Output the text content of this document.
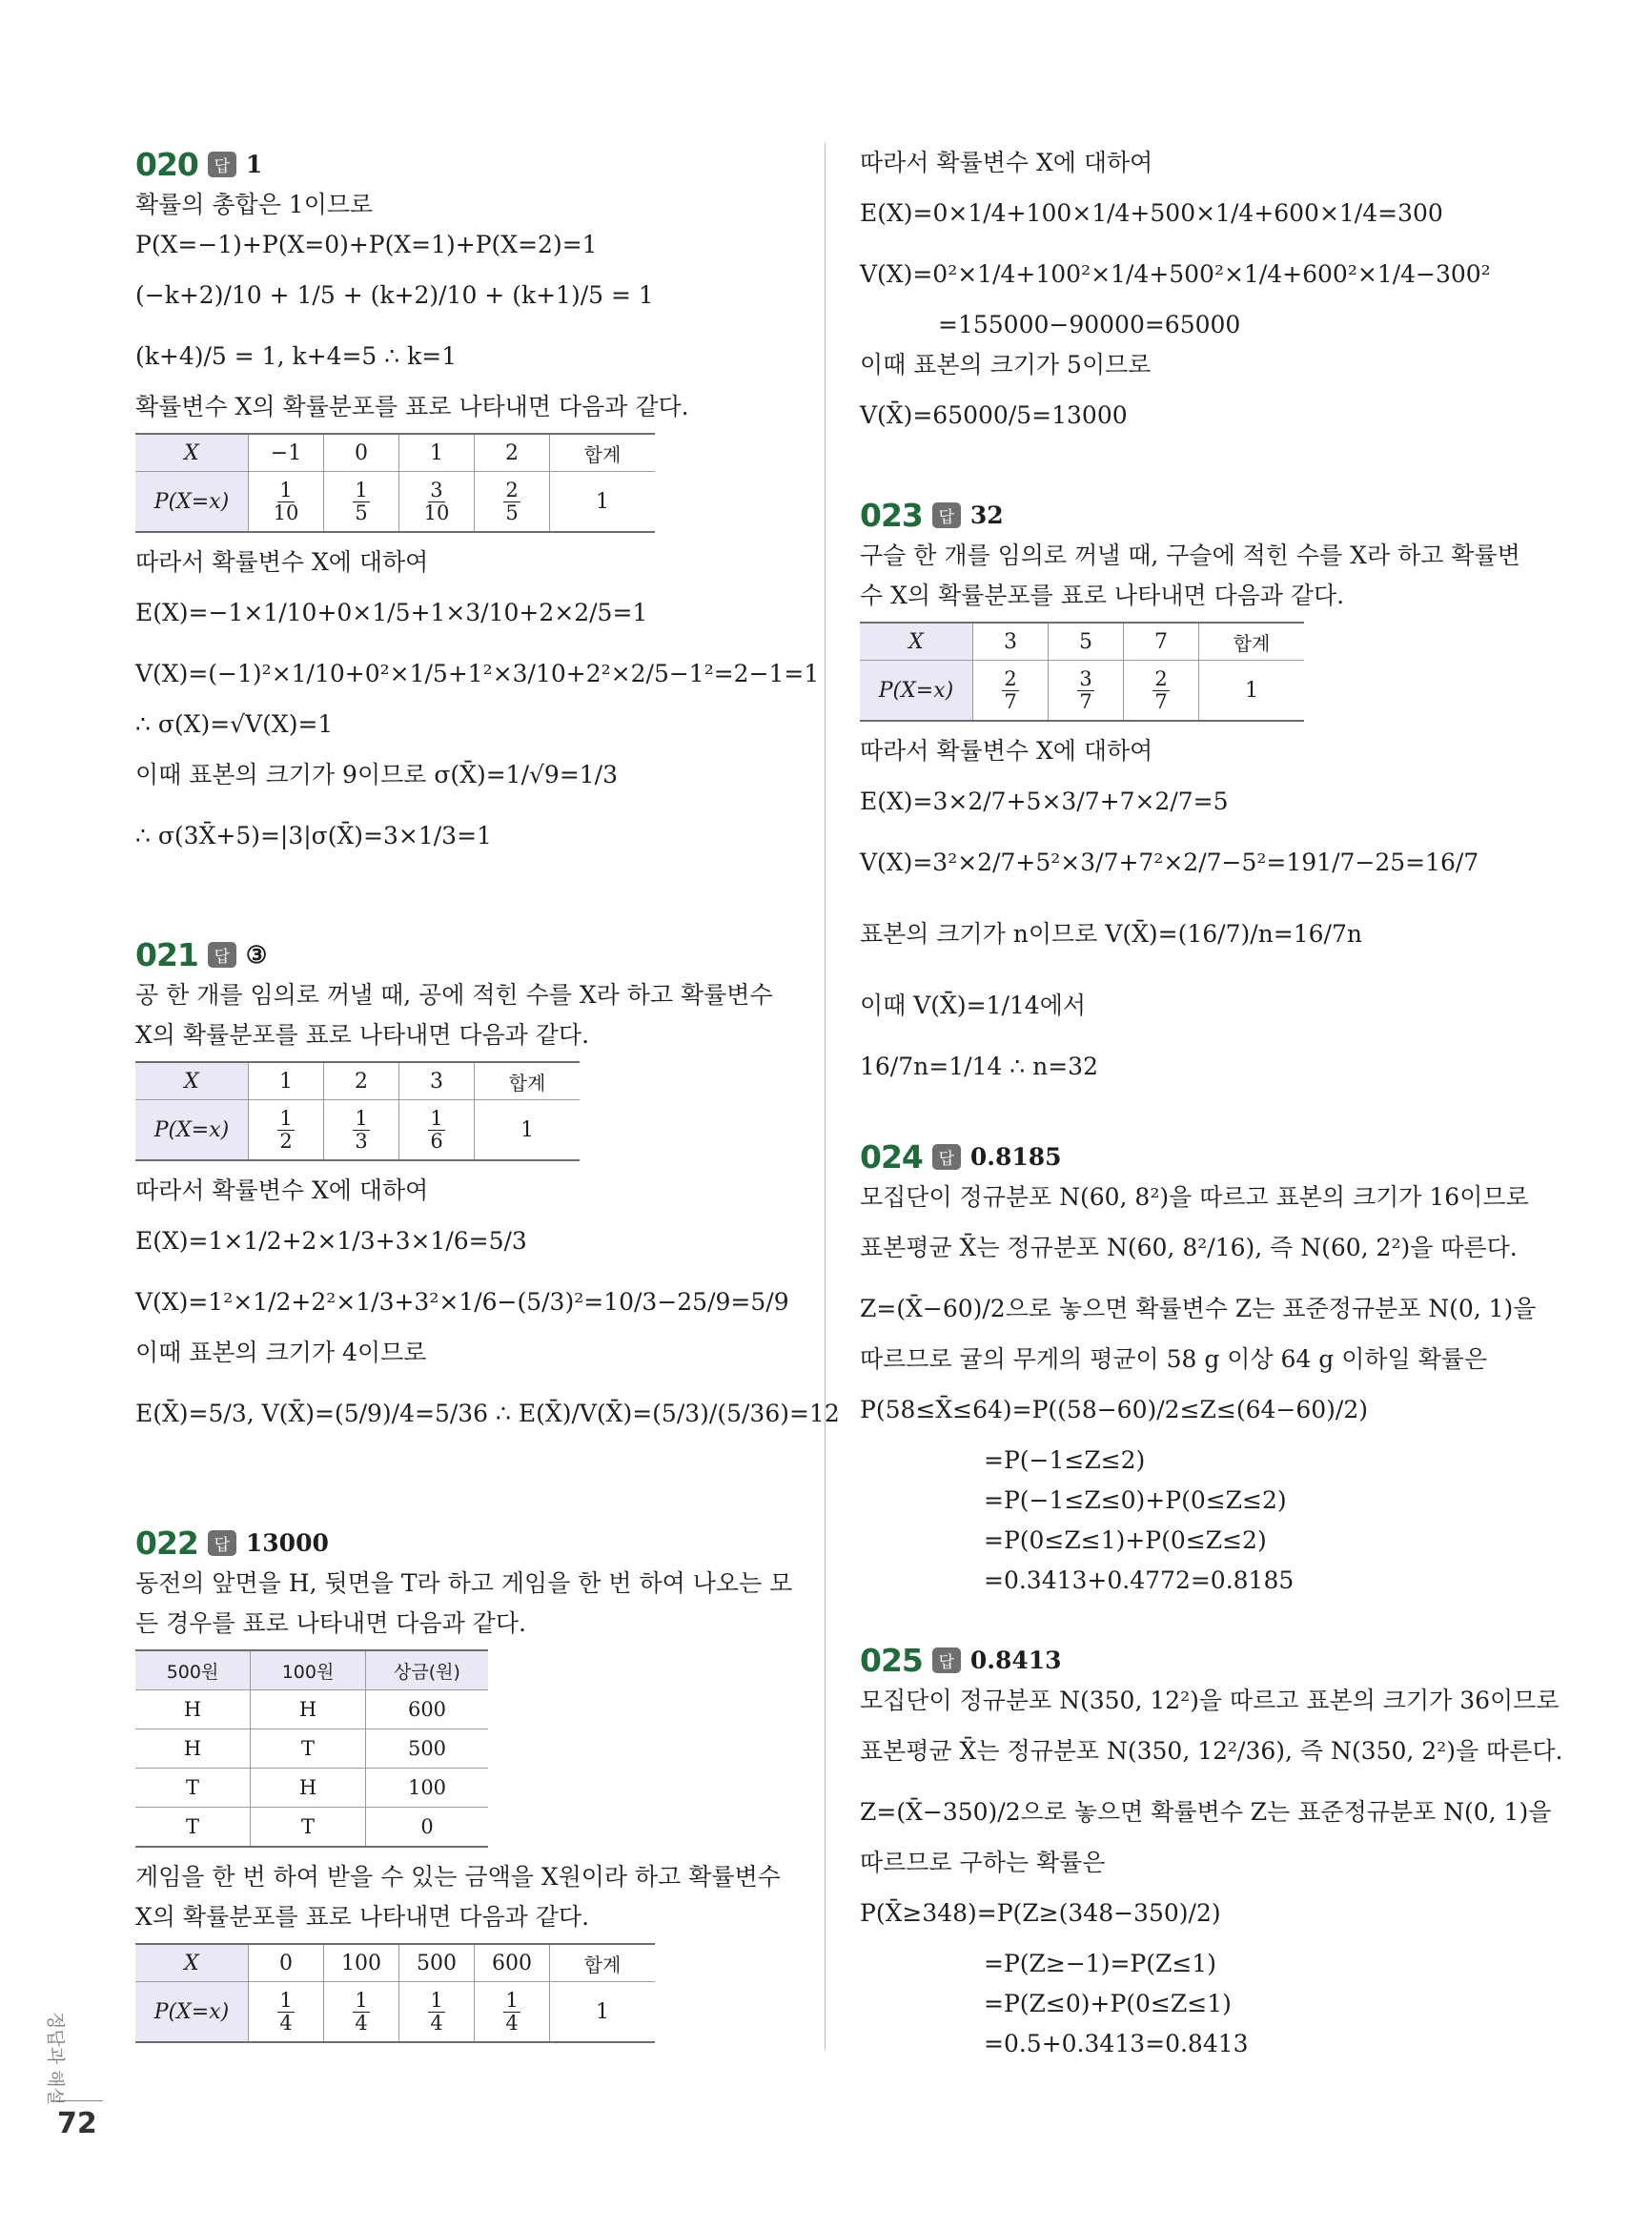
020 답 1
확률의 총합은 1이므로
P(X=−1)+P(X=0)+P(X=1)+P(X=2)=1
(−k+2)/10 + 1/5 + (k+2)/10 + (k+1)/5 = 1
(k+4)/5 = 1, k+4=5 ∴ k=1
확률변수 X의 확률분포를 표로 나타내면 다음과 같다.
X	−1	0	1	2	합계
P(X=x)	$\frac{1}{10}$	$\frac{1}{5}$	$\frac{3}{10}$	$\frac{2}{5}$	1
따라서 확률변수 X에 대하여
E(X)=−1×1/10+0×1/5+1×3/10+2×2/5=1
V(X)=(−1)²×1/10+0²×1/5+1²×3/10+2²×2/5−1²=2−1=1
∴ σ(X)=√V(X)=1
이때 표본의 크기가 9이므로 σ(X̄)=1/√9=1/3
∴ σ(3X̄+5)=|3|σ(X̄)=3×1/3=1
021 답 ③
공 한 개를 임의로 꺼낼 때, 공에 적힌 수를 X라 하고 확률변수
X의 확률분포를 표로 나타내면 다음과 같다.
X	1	2	3	합계
P(X=x)	$\frac{1}{2}$	$\frac{1}{3}$	$\frac{1}{6}$	1
따라서 확률변수 X에 대하여
E(X)=1×1/2+2×1/3+3×1/6=5/3
V(X)=1²×1/2+2²×1/3+3²×1/6−(5/3)²=10/3−25/9=5/9
이때 표본의 크기가 4이므로
E(X̄)=5/3, V(X̄)=(5/9)/4=5/36 ∴ E(X̄)/V(X̄)=(5/3)/(5/36)=12
022 답 13000
동전의 앞면을 H, 뒷면을 T라 하고 게임을 한 번 하여 나오는 모
든 경우를 표로 나타내면 다음과 같다.
500원	100원	상금(원)
H	H	600
H	T	500
T	H	100
T	T	0
게임을 한 번 하여 받을 수 있는 금액을 X원이라 하고 확률변수
X의 확률분포를 표로 나타내면 다음과 같다.
X	0	100	500	600	합계
P(X=x)	$\frac{1}{4}$	$\frac{1}{4}$	$\frac{1}{4}$	$\frac{1}{4}$	1
따라서 확률변수 X에 대하여
E(X)=0×1/4+100×1/4+500×1/4+600×1/4=300
V(X)=0²×1/4+100²×1/4+500²×1/4+600²×1/4−300²
=155000−90000=65000
이때 표본의 크기가 5이므로
V(X̄)=65000/5=13000
023 답 32
구슬 한 개를 임의로 꺼낼 때, 구슬에 적힌 수를 X라 하고 확률변
수 X의 확률분포를 표로 나타내면 다음과 같다.
X	3	5	7	합계
P(X=x)	$\frac{2}{7}$	$\frac{3}{7}$	$\frac{2}{7}$	1
따라서 확률변수 X에 대하여
E(X)=3×2/7+5×3/7+7×2/7=5
V(X)=3²×2/7+5²×3/7+7²×2/7−5²=191/7−25=16/7
표본의 크기가 n이므로 V(X̄)=(16/7)/n=16/7n
이때 V(X̄)=1/14에서
16/7n=1/14 ∴ n=32
024 답 0.8185
모집단이 정규분포 N(60, 8²)을 따르고 표본의 크기가 16이므로
표본평균 X̄는 정규분포 N(60, 8²/16), 즉 N(60, 2²)을 따른다.
Z=(X̄−60)/2으로 놓으면 확률변수 Z는 표준정규분포 N(0, 1)을
따르므로 귤의 무게의 평균이 58 g 이상 64 g 이하일 확률은
P(58≤X̄≤64)=P((58−60)/2≤Z≤(64−60)/2)
=P(−1≤Z≤2)
=P(−1≤Z≤0)+P(0≤Z≤2)
=P(0≤Z≤1)+P(0≤Z≤2)
=0.3413+0.4772=0.8185
025 답 0.8413
모집단이 정규분포 N(350, 12²)을 따르고 표본의 크기가 36이므로
표본평균 X̄는 정규분포 N(350, 12²/36), 즉 N(350, 2²)을 따른다.
Z=(X̄−350)/2으로 놓으면 확률변수 Z는 표준정규분포 N(0, 1)을
따르므로 구하는 확률은
P(X̄≥348)=P(Z≥(348−350)/2)
=P(Z≥−1)=P(Z≤1)
=P(Z≤0)+P(0≤Z≤1)
=0.5+0.3413=0.8413
정답과 해설
72
